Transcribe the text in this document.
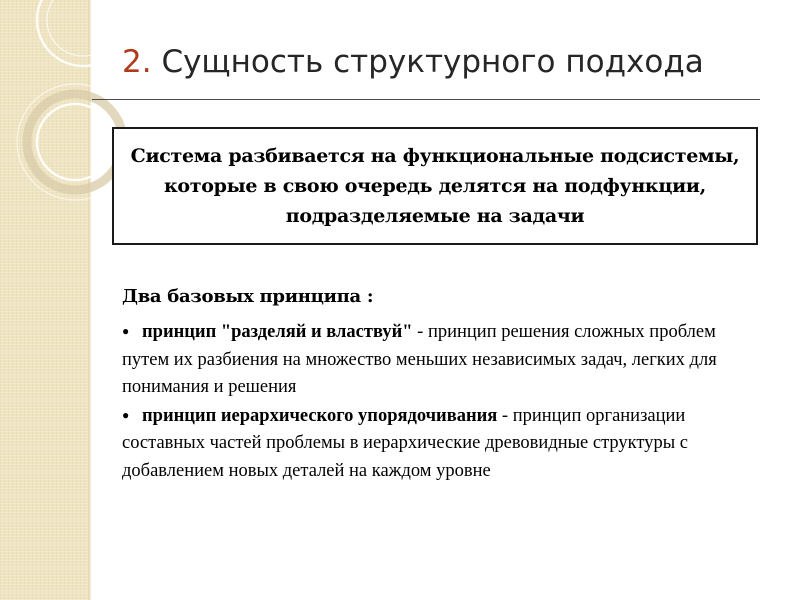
2. Сущность структурного подхода
Система разбивается на функциональные подсистемы, которые в свою очередь делятся на подфункции, подразделяемые на задачи
Два базовых принципа :
● принцип "разделяй и властвуй" - принцип решения сложных проблем путем их разбиения на множество меньших независимых задач, легких для понимания и решения
● принцип иерархического упорядочивания - принцип организации составных частей проблемы в иерархические древовидные структуры с добавлением новых деталей на каждом уровне
